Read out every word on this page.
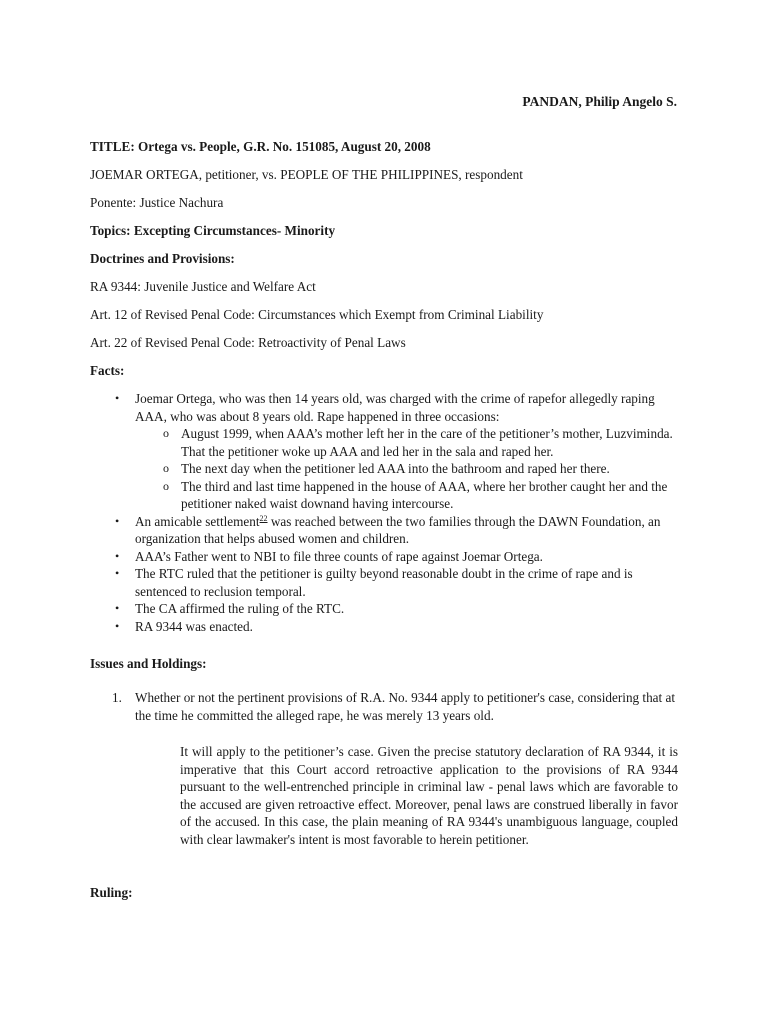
PANDAN, Philip Angelo S.
TITLE: Ortega vs. People, G.R. No. 151085, August 20, 2008
JOEMAR ORTEGA, petitioner, vs. PEOPLE OF THE PHILIPPINES, respondent
Ponente: Justice Nachura
Topics: Excepting Circumstances- Minority
Doctrines and Provisions:
RA 9344: Juvenile Justice and Welfare Act
Art. 12 of Revised Penal Code: Circumstances which Exempt from Criminal Liability
Art. 22 of Revised Penal Code: Retroactivity of Penal Laws
Facts:
• Joemar Ortega, who was then 14 years old, was charged with the crime of rapefor allegedly raping AAA, who was about 8 years old. Rape happened in three occasions:
o August 1999, when AAA’s mother left her in the care of the petitioner’s mother, Luzviminda. That the petitioner woke up AAA and led her in the sala and raped her.
o The next day when the petitioner led AAA into the bathroom and raped her there.
o The third and last time happened in the house of AAA, where her brother caught her and the petitioner naked waist downand having intercourse.
• An amicable settlement$^{22}$ was reached between the two families through the DAWN Foundation, an organization that helps abused women and children.
• AAA’s Father went to NBI to file three counts of rape against Joemar Ortega.
• The RTC ruled that the petitioner is guilty beyond reasonable doubt in the crime of rape and is sentenced to reclusion temporal.
• The CA affirmed the ruling of the RTC.
• RA 9344 was enacted.
Issues and Holdings:
1. Whether or not the pertinent provisions of R.A. No. 9344 apply to petitioner's case, considering that at the time he committed the alleged rape, he was merely 13 years old.
It will apply to the petitioner’s case. Given the precise statutory declaration of RA 9344, it is imperative that this Court accord retroactive application to the provisions of RA 9344 pursuant to the well-entrenched principle in criminal law - penal laws which are favorable to the accused are given retroactive effect. Moreover, penal laws are construed liberally in favor of the accused. In this case, the plain meaning of RA 9344's unambiguous language, coupled with clear lawmaker's intent is most favorable to herein petitioner.
Ruling:
